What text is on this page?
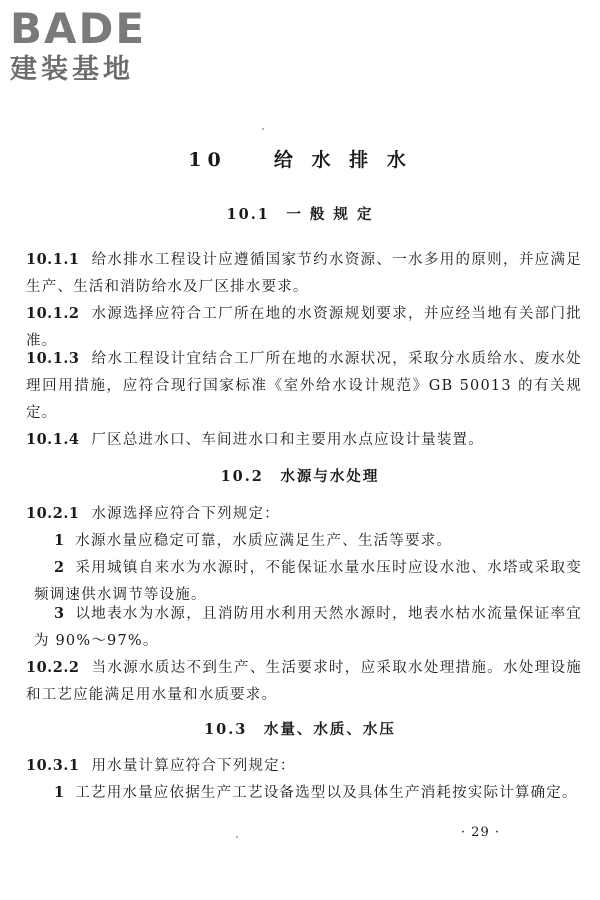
BADE
建装基地
10 给 水 排 水
10.1　一 般 规 定
10.1.1 给水排水工程设计应遵循国家节约水资源、一水多用的原则，并应满足生产、生活和消防给水及厂区排水要求。
10.1.2 水源选择应符合工厂所在地的水资源规划要求，并应经当地有关部门批准。
10.1.3 给水工程设计宜结合工厂所在地的水源状况，采取分水质给水、废水处理回用措施，应符合现行国家标准《室外给水设计规范》GB 50013 的有关规定。
10.1.4 厂区总进水口、车间进水口和主要用水点应设计量装置。
10.2　水源与水处理
10.2.1 水源选择应符合下列规定：
1 水源水量应稳定可靠，水质应满足生产、生活等要求。
2 采用城镇自来水为水源时，不能保证水量水压时应设水池、水塔或采取变频调速供水调节等设施。
3 以地表水为水源，且消防用水利用天然水源时，地表水枯水流量保证率宜为 90%～97%。
10.2.2 当水源水质达不到生产、生活要求时，应采取水处理措施。水处理设施和工艺应能满足用水量和水质要求。
10.3　水量、水质、水压
10.3.1 用水量计算应符合下列规定：
1 工艺用水量应依据生产工艺设备选型以及具体生产消耗按实际计算确定。
· 29 ·
